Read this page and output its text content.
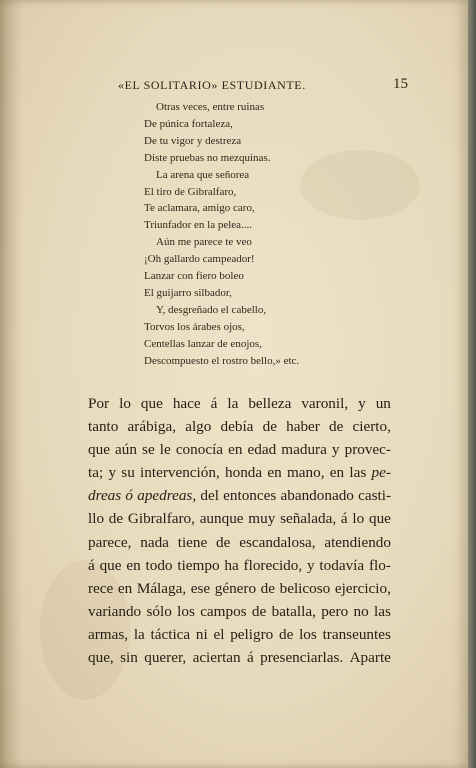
«EL SOLITARIO» ESTUDIANTE.	15
Otras veces, entre ruinas
De púnica fortaleza,
De tu vigor y destreza
Diste pruebas no mezquinas.
La arena que señorea
El tiro de Gibralfaro,
Te aclamara, amigo caro,
Triunfador en la pelea....
Aún me parece te veo
¡Oh gallardo campeador!
Lanzar con fiero boleo
El guijarro silbador,
Y, desgreñado el cabello,
Torvos los árabes ojos,
Centellas lanzar de enojos,
Descompuesto el rostro bello,» etc.
Por lo que hace á la belleza varonil, y un
tanto arábiga, algo debía de haber de cierto,
que aún se le conocía en edad madura y provec-
ta; y su intervención, honda en mano, en las pe-
dreas ó apedreas, del entonces abandonado casti-
llo de Gibralfaro, aunque muy señalada, á lo que
parece, nada tiene de escandalosa, atendiendo
á que en todo tiempo ha florecido, y todavía flo-
rece en Málaga, ese género de belicoso ejercicio,
variando sólo los campos de batalla, pero no las
armas, la táctica ni el peligro de los transeuntes
que, sin querer, aciertan á presenciarlas. Aparte
